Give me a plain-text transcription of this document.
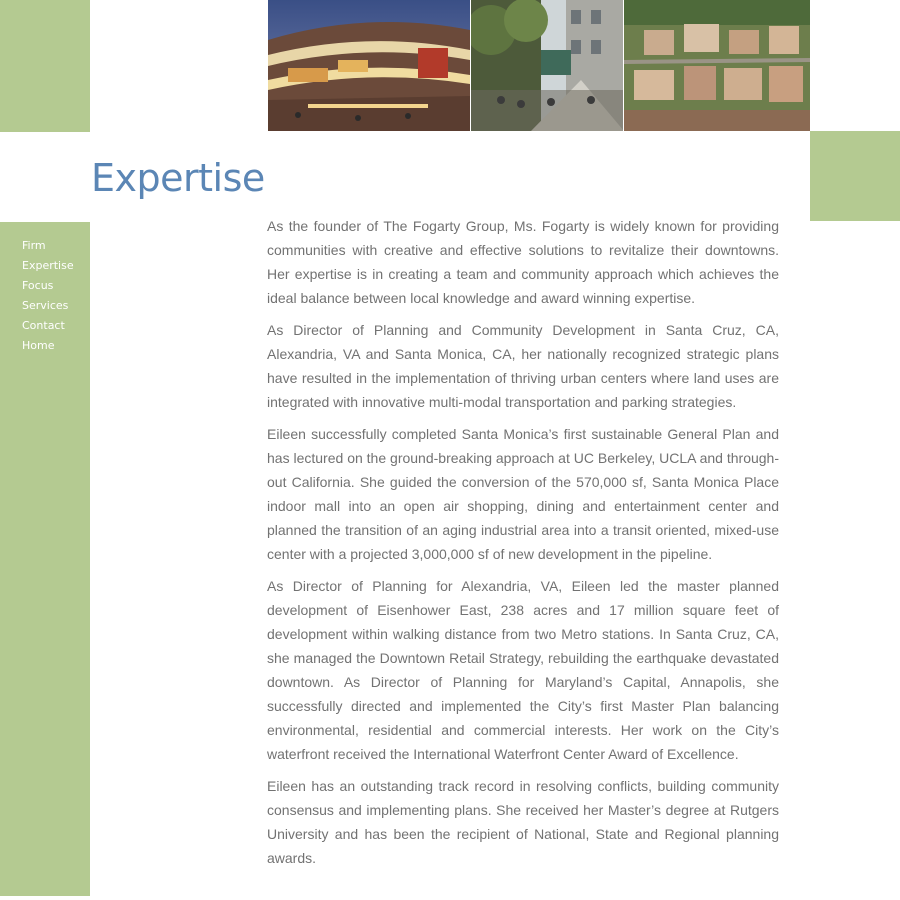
Expertise
Firm
Expertise
Focus
Services
Contact
Home

As the founder of The Fogarty Group, Ms. Fogarty is widely known for providing communities with creative and effective solutions to revitalize their downtowns. Her expertise is in creating a team and community approach which achieves the ideal balance between local knowledge and award winning expertise.

As Director of Planning and Community Development in Santa Cruz, CA, Alexandria, VA and Santa Monica, CA, her nationally recognized strategic plans have resulted in the implementation of thriving urban centers where land uses are integrated with innovative multi-modal transportation and parking strategies.

Eileen successfully completed Santa Monica’s first sustainable General Plan and has lectured on the ground-breaking approach at UC Berkeley, UCLA and through-out California. She guided the conversion of the 570,000 sf, Santa Monica Place indoor mall into an open air shopping, dining and entertainment center and planned the transition of an aging industrial area into a transit oriented, mixed-use center with a projected 3,000,000 sf of new development in the pipeline.

As Director of Planning for Alexandria, VA, Eileen led the master planned development of Eisenhower East, 238 acres and 17 million square feet of development within walking distance from two Metro stations. In Santa Cruz, CA, she managed the Downtown Retail Strategy, rebuilding the earthquake devastated downtown. As Director of Planning for Maryland’s Capital, Annapolis, she successfully directed and implemented the City’s first Master Plan balancing environmental, residential and commercial interests. Her work on the City’s waterfront received the International Waterfront Center Award of Excellence.

Eileen has an outstanding track record in resolving conflicts, building community consensus and implementing plans. She received her Master’s degree at Rutgers University and has been the recipient of National, State and Regional planning awards.
